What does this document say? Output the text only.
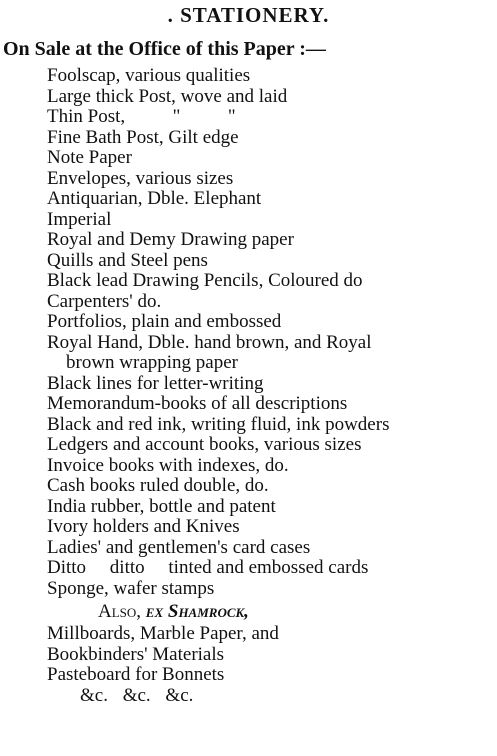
. STATIONERY.
On Sale at the Office of this Paper :—
Foolscap, various qualities
Large thick Post, wove and laid
Thin Post,          "          "
Fine Bath Post, Gilt edge
Note Paper
Envelopes, various sizes
Antiquarian, Dble. Elephant
Imperial
Royal and Demy Drawing paper
Quills and Steel pens
Black lead Drawing Pencils, Coloured do
Carpenters' do.
Portfolios, plain and embossed
Royal Hand, Dble. hand brown, and Royal
brown wrapping paper
Black lines for letter-writing
Memorandum-books of all descriptions
Black and red ink, writing fluid, ink powders
Ledgers and account books, various sizes
Invoice books with indexes, do.
Cash books ruled double, do.
India rubber, bottle and patent
Ivory holders and Knives
Ladies' and gentlemen's card cases
Ditto     ditto     tinted and embossed cards
Sponge, wafer stamps
Also, ex Shamrock,
Millboards, Marble Paper, and
Bookbinders' Materials
Pasteboard for Bonnets
&c. &c. &c.
